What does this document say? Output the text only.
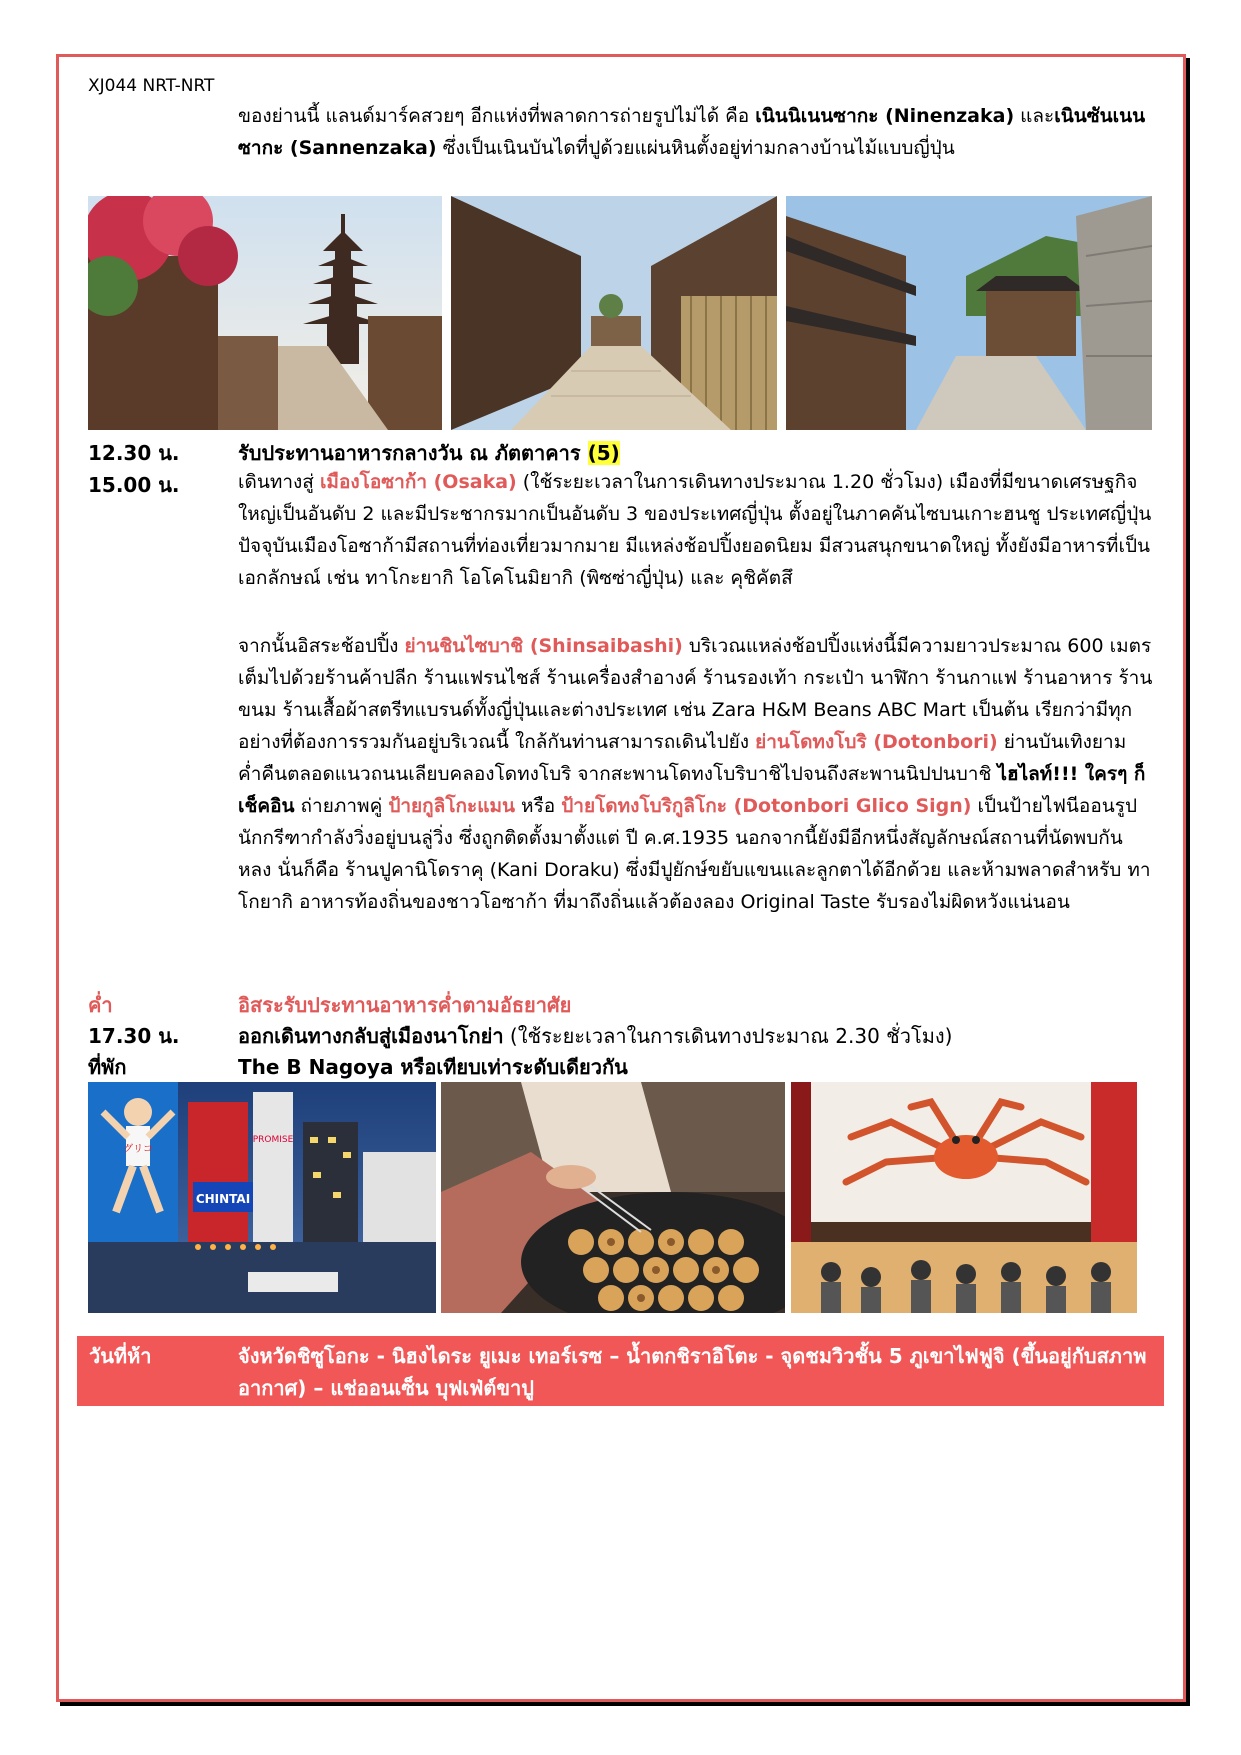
XJ044 NRT-NRT
ของย่านนี้ แลนด์มาร์คสวยๆ อีกแห่งที่พลาดการถ่ายรูปไม่ได้ คือ เนินนิเนนซากะ (Ninenzaka) และเนินซันเนนซากะ (Sannenzaka) ซึ่งเป็นเนินบันไดที่ปูด้วยแผ่นหินตั้งอยู่ท่ามกลางบ้านไม้แบบญี่ปุ่น
12.30 น.	รับประทานอาหารกลางวัน ณ ภัตตาคาร (5)
15.00 น.	เดินทางสู่ เมืองโอซาก้า (Osaka) (ใช้ระยะเวลาในการเดินทางประมาณ 1.20 ชั่วโมง) เมืองที่มีขนาดเศรษฐกิจใหญ่เป็นอันดับ 2 และมีประชากรมากเป็นอันดับ 3 ของประเทศญี่ปุ่น ตั้งอยู่ในภาคคันไซบนเกาะฮนชู ประเทศญี่ปุ่น ปัจจุบันเมืองโอซาก้ามีสถานที่ท่องเที่ยวมากมาย มีแหล่งช้อปปิ้งยอดนิยม มีสวนสนุกขนาดใหญ่ ทั้งยังมีอาหารที่เป็นเอกลักษณ์ เช่น ทาโกะยากิ โอโคโนมิยากิ (พิซซ่าญี่ปุ่น) และ คุชิคัตสึ
จากนั้นอิสระช้อปปิ้ง ย่านชินไซบาชิ (Shinsaibashi) บริเวณแหล่งช้อปปิ้งแห่งนี้มีความยาวประมาณ 600 เมตร เต็มไปด้วยร้านค้าปลีก ร้านแฟรนไชส์ ร้านเครื่องสำอางค์ ร้านรองเท้า กระเป๋า นาฬิกา ร้านกาแฟ ร้านอาหาร ร้านขนม ร้านเสื้อผ้าสตรีทแบรนด์ทั้งญี่ปุ่นและต่างประเทศ เช่น Zara H&M Beans ABC Mart เป็นต้น เรียกว่ามีทุกอย่างที่ต้องการรวมกันอยู่บริเวณนี้ ใกล้กันท่านสามารถเดินไปยัง ย่านโดทงโบริ (Dotonbori) ย่านบันเทิงยามค่ำคืนตลอดแนวถนนเลียบคลองโดทงโบริ จากสะพานโดทงโบริบาชิไปจนถึงสะพานนิปปนบาชิ ไฮไลท์!!! ใครๆ ก็เช็คอิน ถ่ายภาพคู่ ป้ายกูลิโกะแมน หรือ ป้ายโดทงโบริกูลิโกะ (Dotonbori Glico Sign) เป็นป้ายไฟนีออนรูปนักกรีฑากำลังวิ่งอยู่บนลู่วิ่ง ซึ่งถูกติดตั้งมาตั้งแต่ ปี ค.ศ.1935 นอกจากนี้ยังมีอีกหนึ่งสัญลักษณ์สถานที่นัดพบกันหลง นั่นก็คือ ร้านปูคานิโดราคุ (Kani Doraku) ซึ่งมีปูยักษ์ขยับแขนและลูกตาได้อีกด้วย และห้ามพลาดสำหรับ ทาโกยากิ อาหารท้องถิ่นของชาวโอซาก้า ที่มาถึงถิ่นแล้วต้องลอง Original Taste รับรองไม่ผิดหวังแน่นอน
ค่ำ	อิสระรับประทานอาหารค่ำตามอัธยาศัย
17.30 น.	ออกเดินทางกลับสู่เมืองนาโกย่า (ใช้ระยะเวลาในการเดินทางประมาณ 2.30 ชั่วโมง)
ที่พัก	The B Nagoya หรือเทียบเท่าระดับเดียวกัน
グリコ
PROMISE
CHINTAI
วันที่ห้า	จังหวัดชิซูโอกะ - นิฮงไดระ ยูเมะ เทอร์เรซ – น้ำตกชิราอิโตะ - จุดชมวิวชั้น 5 ภูเขาไฟฟูจิ (ขึ้นอยู่กับสภาพอากาศ) – แช่ออนเซ็น บุฟเฟ่ต์ขาปู
